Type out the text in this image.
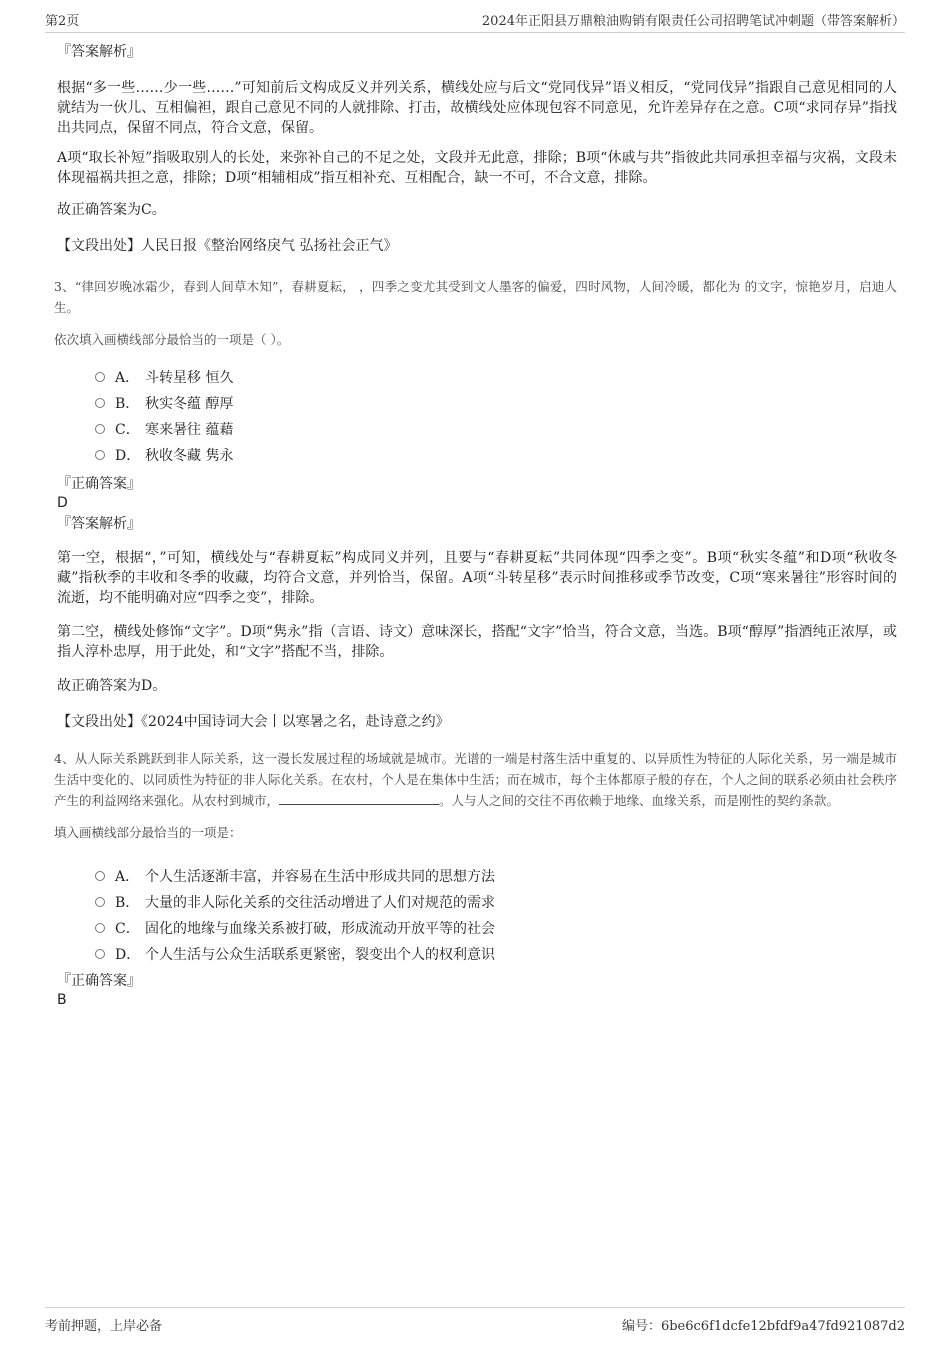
第2页	2024年正阳县万鼎粮油购销有限责任公司招聘笔试冲刺题（带答案解析）
『答案解析』

根据“多一些……少一些……”可知前后文构成反义并列关系，横线处应与后文“党同伐异”语义相反，“党同伐异”指跟自己意见相同的人就结为一伙儿、互相偏袒，跟自己意见不同的人就排除、打击，故横线处应体现包容不同意见，允许差异存在之意。C项“求同存异”指找出共同点，保留不同点，符合文意，保留。

A项“取长补短”指吸取别人的长处，来弥补自己的不足之处，文段并无此意，排除；B项“休戚与共”指彼此共同承担幸福与灾祸，文段未体现福祸共担之意，排除；D项“相辅相成”指互相补充、互相配合，缺一不可，不合文意，排除。

故正确答案为C。

【文段出处】人民日报《整治网络戾气 弘扬社会正气》

3、“律回岁晚冰霜少，春到人间草木知”，春耕夏耘， ，四季之变尤其受到文人墨客的偏爱，四时风物，人间冷暖，都化为 的文字，惊艳岁月，启迪人生。

依次填入画横线部分最恰当的一项是（ ）。
A． 斗转星移 恒久
B． 秋实冬蕴 醇厚
C． 寒来暑往 蕴藉
D． 秋收冬藏 隽永
『正确答案』
D
『答案解析』

第一空，根据“，”可知，横线处与“春耕夏耘”构成同义并列，且要与“春耕夏耘”共同体现“四季之变”。B项“秋实冬蕴”和D项“秋收冬藏”指秋季的丰收和冬季的收藏，均符合文意，并列恰当，保留。A项“斗转星移”表示时间推移或季节改变，C项“寒来暑往”形容时间的流逝，均不能明确对应“四季之变”，排除。

第二空，横线处修饰“文字”。D项“隽永”指（言语、诗文）意味深长，搭配“文字”恰当，符合文意，当选。B项“醇厚”指酒纯正浓厚，或指人淳朴忠厚，用于此处，和“文字”搭配不当，排除。

故正确答案为D。

【文段出处】《2024中国诗词大会丨以寒暑之名，赴诗意之约》

4、从人际关系跳跃到非人际关系，这一漫长发展过程的场域就是城市。光谱的一端是村落生活中重复的、以异质性为特征的人际化关系，另一端是城市生活中变化的、以同质性为特征的非人际化关系。在农村，个人是在集体中生活；而在城市，每个主体都原子般的存在，个人之间的联系必须由社会秩序产生的利益网络来强化。从农村到城市，	。人与人之间的交往不再依赖于地缘、血缘关系，而是刚性的契约条款。

填入画横线部分最恰当的一项是：
A． 个人生活逐渐丰富，并容易在生活中形成共同的思想方法
B． 大量的非人际化关系的交往活动增进了人们对规范的需求
C． 固化的地缘与血缘关系被打破，形成流动开放平等的社会
D． 个人生活与公众生活联系更紧密，裂变出个人的权利意识
『正确答案』
B
考前押题，上岸必备	编号：6be6c6f1dcfe12bfdf9a47fd921087d2
